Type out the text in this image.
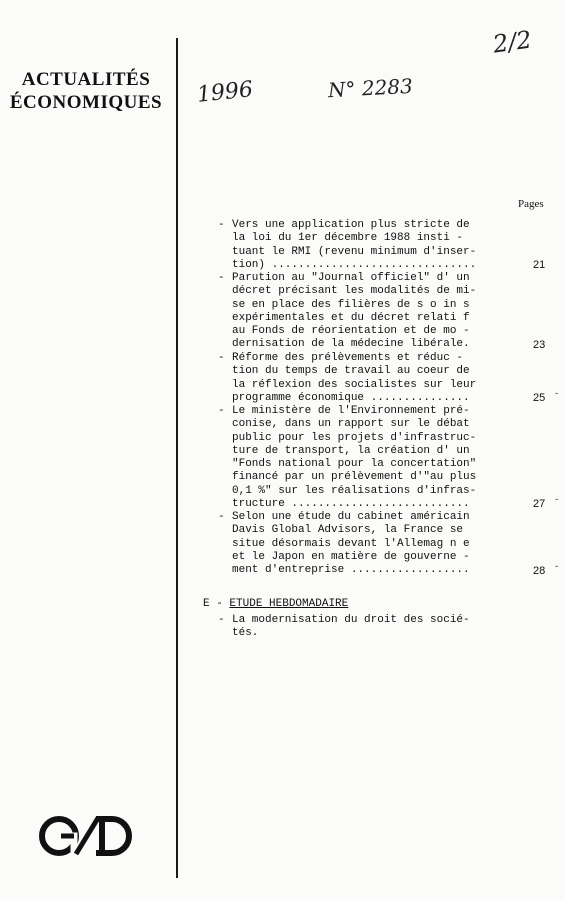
ACTUALITÉS
ÉCONOMIQUES	1996	N° 2283
2/2
Pages
- Vers une application plus stricte de
la loi du 1er décembre 1988 insti -
tuant le RMI (revenu minimum d'inser-
tion) ...............................	21
- Parution au "Journal officiel" d' un
décret précisant les modalités de mi-
se en place des filières de s o in s
expérimentales et du décret relati f
au Fonds de réorientation et de mo -
dernisation de la médecine libérale.	23
- Réforme des prélèvements et réduc -
tion du temps de travail au coeur de
la réflexion des socialistes sur leur
programme économique ...............	25 -
- Le ministère de l'Environnement pré-
conise, dans un rapport sur le débat
public pour les projets d'infrastruc-
ture de transport, la création d' un
"Fonds national pour la concertation"
financé par un prélèvement d'"au plus
0,1 %" sur les réalisations d'infras-
tructure ...........................	27 -
- Selon une étude du cabinet américain
Davis Global Advisors, la France se
situe désormais devant l'Allemag n e
et le Japon en matière de gouverne -
ment d'entreprise ..................	28 -
E - ETUDE HEBDOMADAIRE
- La modernisation du droit des socié-
tés.
